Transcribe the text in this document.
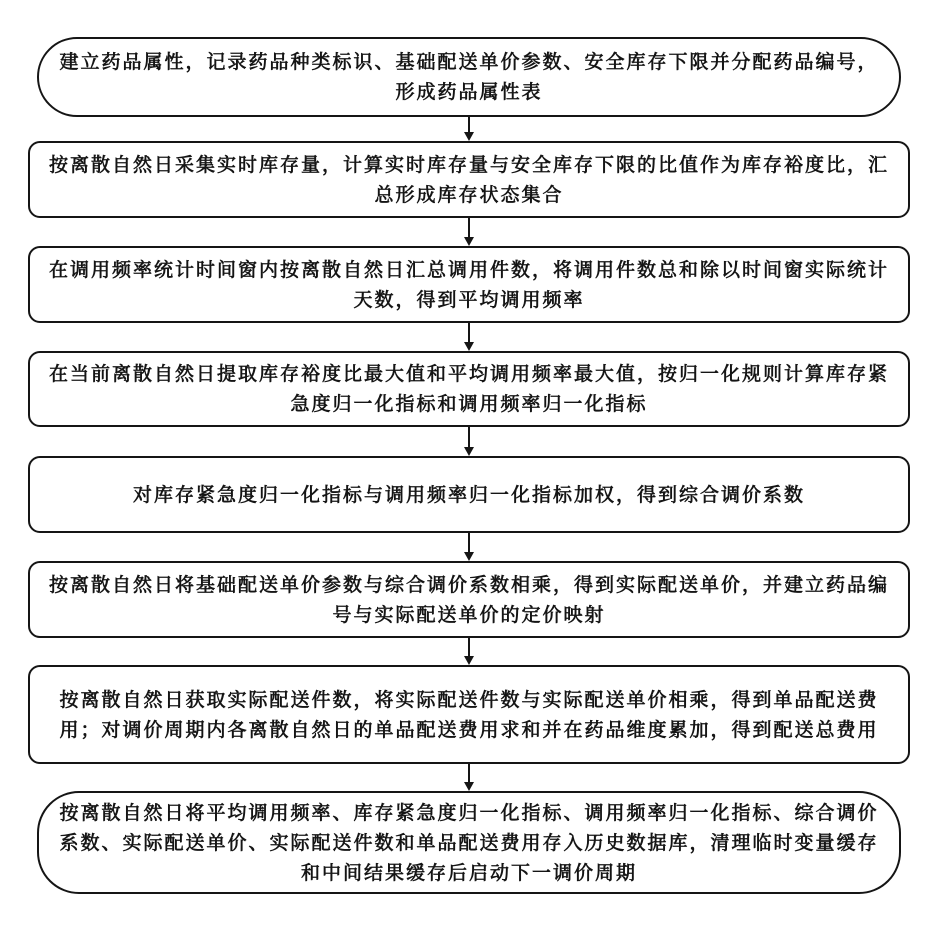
建立药品属性，记录药品种类标识、基础配送单价参数、安全库存下限并分配药品编号，形成药品属性表
按离散自然日采集实时库存量，计算实时库存量与安全库存下限的比值作为库存裕度比，汇总形成库存状态集合
在调用频率统计时间窗内按离散自然日汇总调用件数，将调用件数总和除以时间窗实际统计天数，得到平均调用频率
在当前离散自然日提取库存裕度比最大值和平均调用频率最大值，按归一化规则计算库存紧急度归一化指标和调用频率归一化指标
对库存紧急度归一化指标与调用频率归一化指标加权，得到综合调价系数
按离散自然日将基础配送单价参数与综合调价系数相乘，得到实际配送单价，并建立药品编号与实际配送单价的定价映射
按离散自然日获取实际配送件数，将实际配送件数与实际配送单价相乘，得到单品配送费用；对调价周期内各离散自然日的单品配送费用求和并在药品维度累加，得到配送总费用
按离散自然日将平均调用频率、库存紧急度归一化指标、调用频率归一化指标、综合调价系数、实际配送单价、实际配送件数和单品配送费用存入历史数据库，清理临时变量缓存和中间结果缓存后启动下一调价周期
